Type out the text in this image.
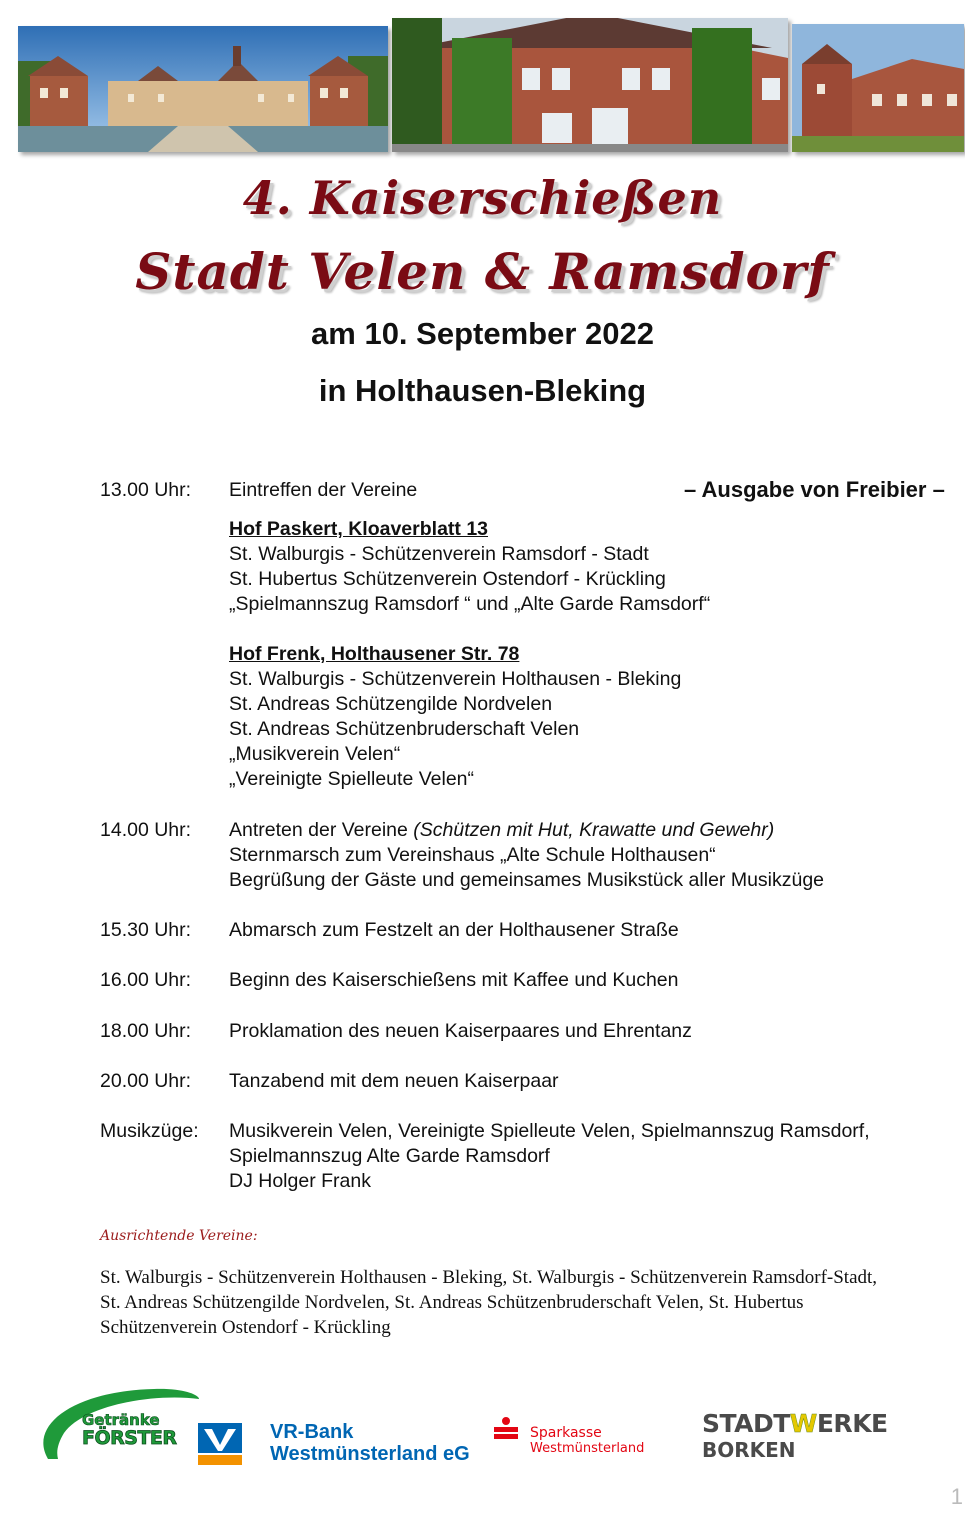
4. Kaiserschießen
Stadt Velen & Ramsdorf
am 10. September 2022
in Holthausen-Bleking
13.00 Uhr:	Eintreffen der Vereine	– Ausgabe von Freibier –
Hof Paskert, Kloaverblatt 13
St. Walburgis - Schützenverein Ramsdorf - Stadt
St. Hubertus Schützenverein Ostendorf - Krückling
„Spielmannszug Ramsdorf “ und „Alte Garde Ramsdorf“
Hof Frenk, Holthausener Str. 78
St. Walburgis - Schützenverein Holthausen - Bleking
St. Andreas Schützengilde Nordvelen
St. Andreas Schützenbruderschaft Velen
„Musikverein Velen“
„Vereinigte Spielleute Velen“
14.00 Uhr:	Antreten der Vereine (Schützen mit Hut, Krawatte und Gewehr)
Sternmarsch zum Vereinshaus „Alte Schule Holthausen“
Begrüßung der Gäste und gemeinsames Musikstück aller Musikzüge
15.30 Uhr:	Abmarsch zum Festzelt an der Holthausener Straße
16.00 Uhr:	Beginn des Kaiserschießens mit Kaffee und Kuchen
18.00 Uhr:	Proklamation des neuen Kaiserpaares und Ehrentanz
20.00 Uhr:	Tanzabend mit dem neuen Kaiserpaar
Musikzüge:	Musikverein Velen, Vereinigte Spielleute Velen, Spielmannszug Ramsdorf,
Spielmannszug Alte Garde Ramsdorf
DJ Holger Frank
Ausrichtende Vereine:
St. Walburgis - Schützenverein Holthausen - Bleking, St. Walburgis - Schützenverein Ramsdorf-Stadt, St. Andreas Schützengilde Nordvelen, St. Andreas Schützenbruderschaft Velen, St. Hubertus Schützenverein Ostendorf - Krückling
Getränke
FÖRSTER	VR-Bank
Westmünsterland eG
Sparkasse
Westmünsterland
STADTWERKE
BORKEN
1
